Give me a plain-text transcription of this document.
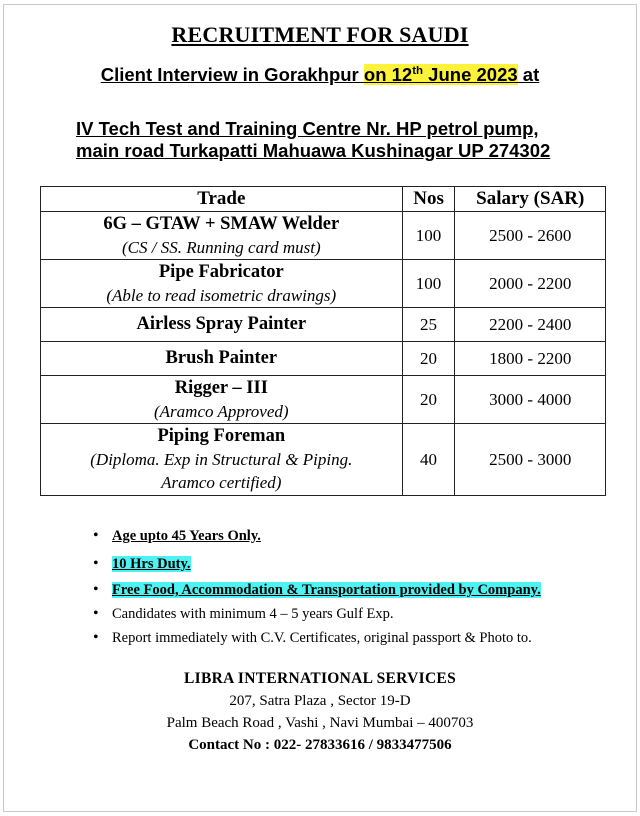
RECRUITMENT FOR SAUDI
Client Interview in Gorakhpur on 12th June 2023 at
IV Tech Test and Training Centre Nr. HP petrol pump,
main road Turkapatti Mahuawa Kushinagar UP 274302
Trade	Nos	Salary (SAR)

6G – GTAW + SMAW Welder
(CS / SS. Running card must)	100	2500 - 2600

Pipe Fabricator
(Able to read isometric drawings)	100	2000 - 2200

Airless Spray Painter	25	2200 - 2400

Brush Painter	20	1800 - 2200

Rigger – III
(Aramco Approved)	20	3000 - 4000

Piping Foreman
(Diploma. Exp in Structural & Piping.
Aramco certified)	40	2500 - 3000
• Age upto 45 Years Only.
• 10 Hrs Duty.
• Free Food, Accommodation & Transportation provided by Company.
• Candidates with minimum 4 – 5 years Gulf Exp.
• Report immediately with C.V. Certificates, original passport & Photo to.
LIBRA INTERNATIONAL SERVICES
207, Satra Plaza , Sector 19-D
Palm Beach Road , Vashi , Navi Mumbai – 400703
Contact No : 022- 27833616 / 9833477506
